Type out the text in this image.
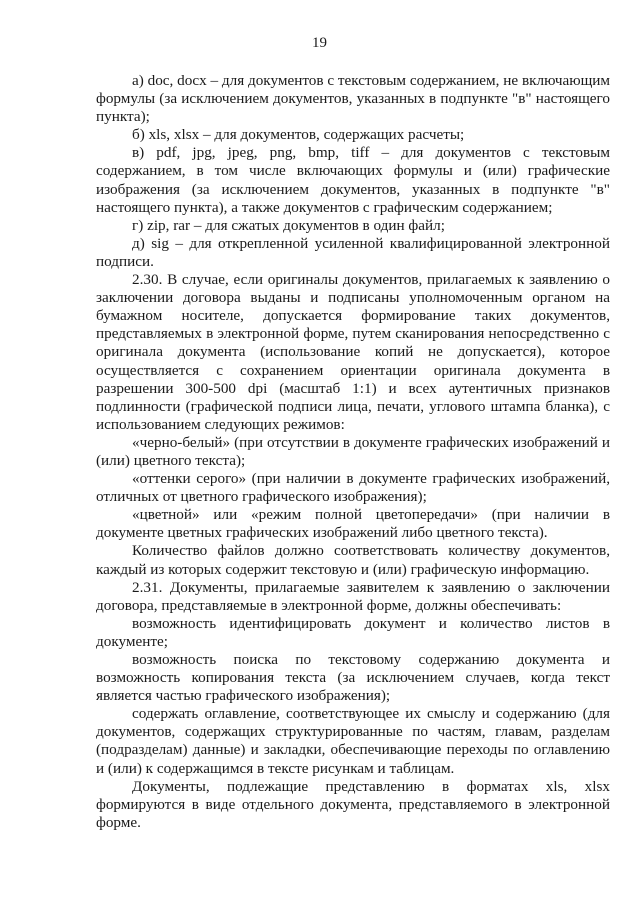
19

а) doc, docx – для документов с текстовым содержанием, не включающим формулы (за исключением документов, указанных в подпункте "в" настоящего пункта);

б) xls, xlsx – для документов, содержащих расчеты;

в) pdf, jpg, jpeg, png, bmp, tiff – для документов с текстовым содержанием, в том числе включающих формулы и (или) графические изображения (за исключением документов, указанных в подпункте "в" настоящего пункта), а также документов с графическим содержанием;

г) zip, rar – для сжатых документов в один файл;

д) sig – для открепленной усиленной квалифицированной электронной подписи.

2.30. В случае, если оригиналы документов, прилагаемых к заявлению о заключении договора выданы и подписаны уполномоченным органом на бумажном носителе, допускается формирование таких документов, представляемых в электронной форме, путем сканирования непосредственно с оригинала документа (использование копий не допускается), которое осуществляется с сохранением ориентации оригинала документа в разрешении 300-500 dpi (масштаб 1:1) и всех аутентичных признаков подлинности (графической подписи лица, печати, углового штампа бланка), с использованием следующих режимов:

«черно-белый» (при отсутствии в документе графических изображений и (или) цветного текста);

«оттенки серого» (при наличии в документе графических изображений, отличных от цветного графического изображения);

«цветной» или «режим полной цветопередачи» (при наличии в документе цветных графических изображений либо цветного текста).

Количество файлов должно соответствовать количеству документов, каждый из которых содержит текстовую и (или) графическую информацию.

2.31. Документы, прилагаемые заявителем к заявлению о заключении договора, представляемые в электронной форме, должны обеспечивать:

возможность идентифицировать документ и количество листов в документе;

возможность поиска по текстовому содержанию документа и возможность копирования текста (за исключением случаев, когда текст является частью графического изображения);

содержать оглавление, соответствующее их смыслу и содержанию (для документов, содержащих структурированные по частям, главам, разделам (подразделам) данные) и закладки, обеспечивающие переходы по оглавлению и (или) к содержащимся в тексте рисункам и таблицам.

Документы, подлежащие представлению в форматах xls, xlsx формируются в виде отдельного документа, представляемого в электронной форме.
